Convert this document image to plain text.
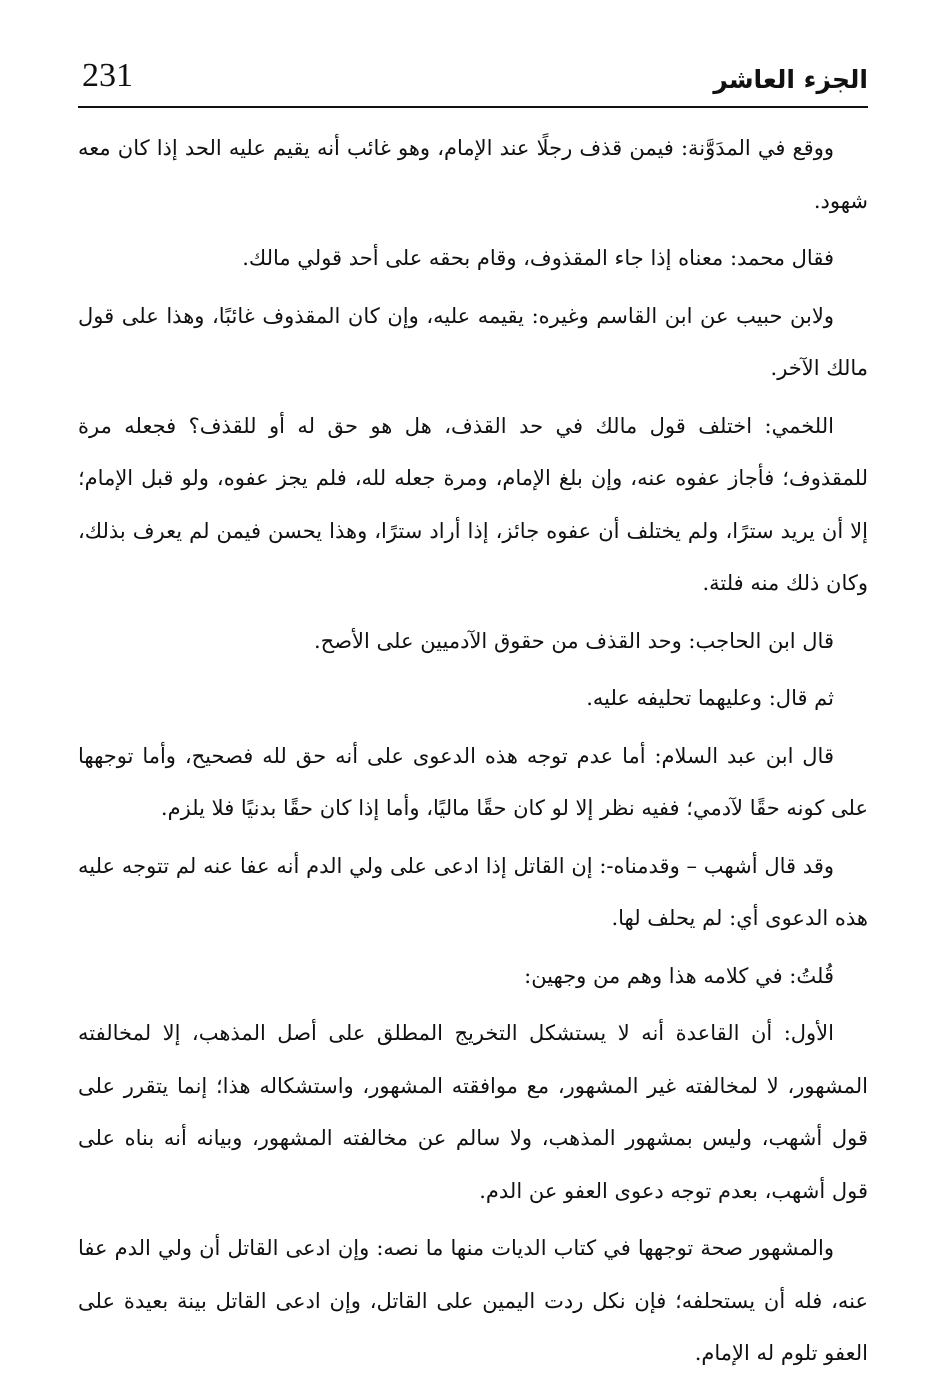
231	الجزء العاشر

ووقع في المدَوَّنة: فيمن قذف رجلًا عند الإمام، وهو غائب أنه يقيم عليه الحد إذا كان معه شهود.

فقال محمد: معناه إذا جاء المقذوف، وقام بحقه على أحد قولي مالك.

ولابن حبيب عن ابن القاسم وغيره: يقيمه عليه، وإن كان المقذوف غائبًا، وهذا على قول مالك الآخر.

اللخمي: اختلف قول مالك في حد القذف، هل هو حق له أو للقذف؟ فجعله مرة للمقذوف؛ فأجاز عفوه عنه، وإن بلغ الإمام، ومرة جعله لله، فلم يجز عفوه، ولو قبل الإمام؛ إلا أن يريد سترًا، ولم يختلف أن عفوه جائز، إذا أراد سترًا، وهذا يحسن فيمن لم يعرف بذلك، وكان ذلك منه فلتة.

قال ابن الحاجب: وحد القذف من حقوق الآدميين على الأصح.

ثم قال: وعليهما تحليفه عليه.

قال ابن عبد السلام: أما عدم توجه هذه الدعوى على أنه حق لله فصحيح، وأما توجهها على كونه حقًا لآدمي؛ ففيه نظر إلا لو كان حقًا ماليًا، وأما إذا كان حقًا بدنيًا فلا يلزم.

وقد قال أشهب – وقدمناه-: إن القاتل إذا ادعى على ولي الدم أنه عفا عنه لم تتوجه عليه هذه الدعوى أي: لم يحلف لها.

قُلتُ: في كلامه هذا وهم من وجهين:

الأول: أن القاعدة أنه لا يستشكل التخريج المطلق على أصل المذهب، إلا لمخالفته المشهور، لا لمخالفته غير المشهور، مع موافقته المشهور، واستشكاله هذا؛ إنما يتقرر على قول أشهب، وليس بمشهور المذهب، ولا سالم عن مخالفته المشهور، وبيانه أنه بناه على قول أشهب، بعدم توجه دعوى العفو عن الدم.

والمشهور صحة توجهها في كتاب الديات منها ما نصه: وإن ادعى القاتل أن ولي الدم عفا عنه، فله أن يستحلفه؛ فإن نكل ردت اليمين على القاتل، وإن ادعى القاتل بينة بعيدة على العفو تلوم له الإمام.
